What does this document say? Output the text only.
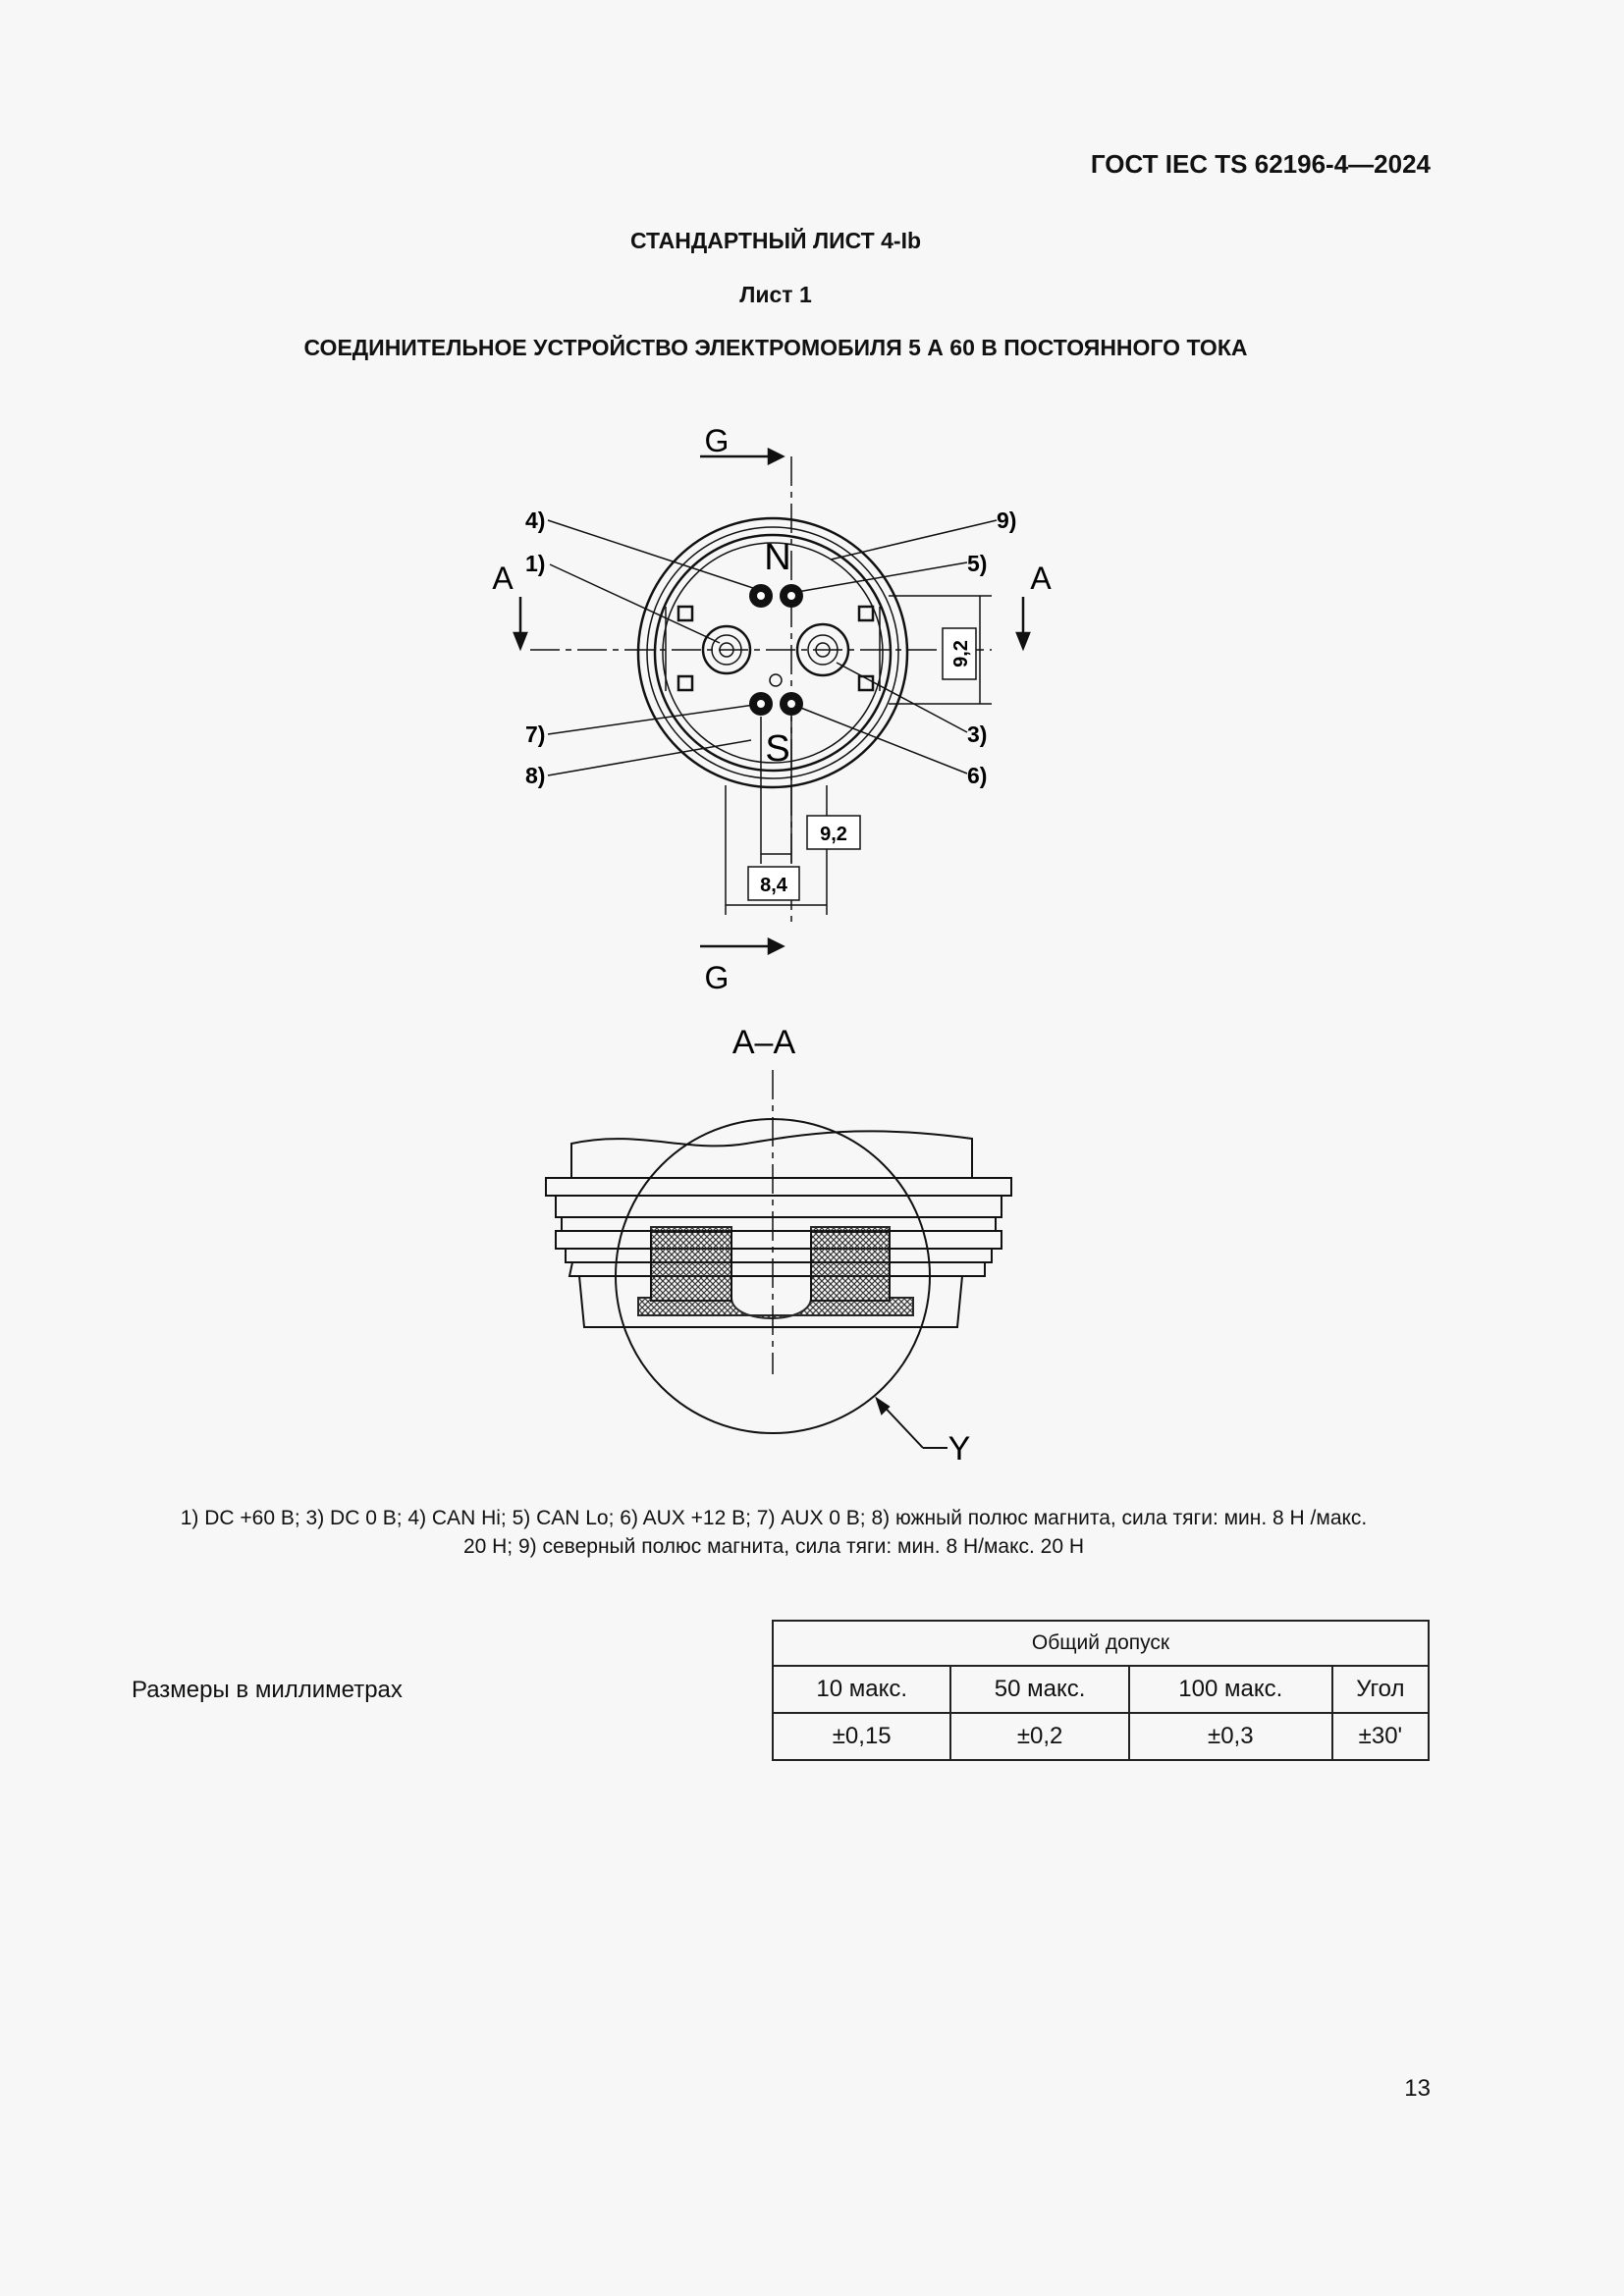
ГОСТ IEC TS 62196-4—2024
СТАНДАРТНЫЙ ЛИСТ 4-Ib
Лист 1
СОЕДИНИТЕЛЬНОЕ УСТРОЙСТВО ЭЛЕКТРОМОБИЛЯ 5 А 60 В ПОСТОЯННОГО ТОКА
N
S
G
G
A	A
4)
1)
9)
5)
3)
6)
7)
8)
9,2
9,2
8,4
A–A
Y
1) DC +60 В; 3) DC 0 В; 4) CAN Hi; 5) CAN Lo; 6) AUX +12 В; 7) AUX 0 В; 8) южный полюс магнита, сила тяги: мин. 8 Н /макс.
20 Н; 9) северный полюс магнита, сила тяги: мин. 8 Н/макс. 20 Н
Размеры в миллиметрах
Общий допуск			
10 макс.	50 макс.	100 макс.	Угол
±0,15	±0,2	±0,3	±30'
13
